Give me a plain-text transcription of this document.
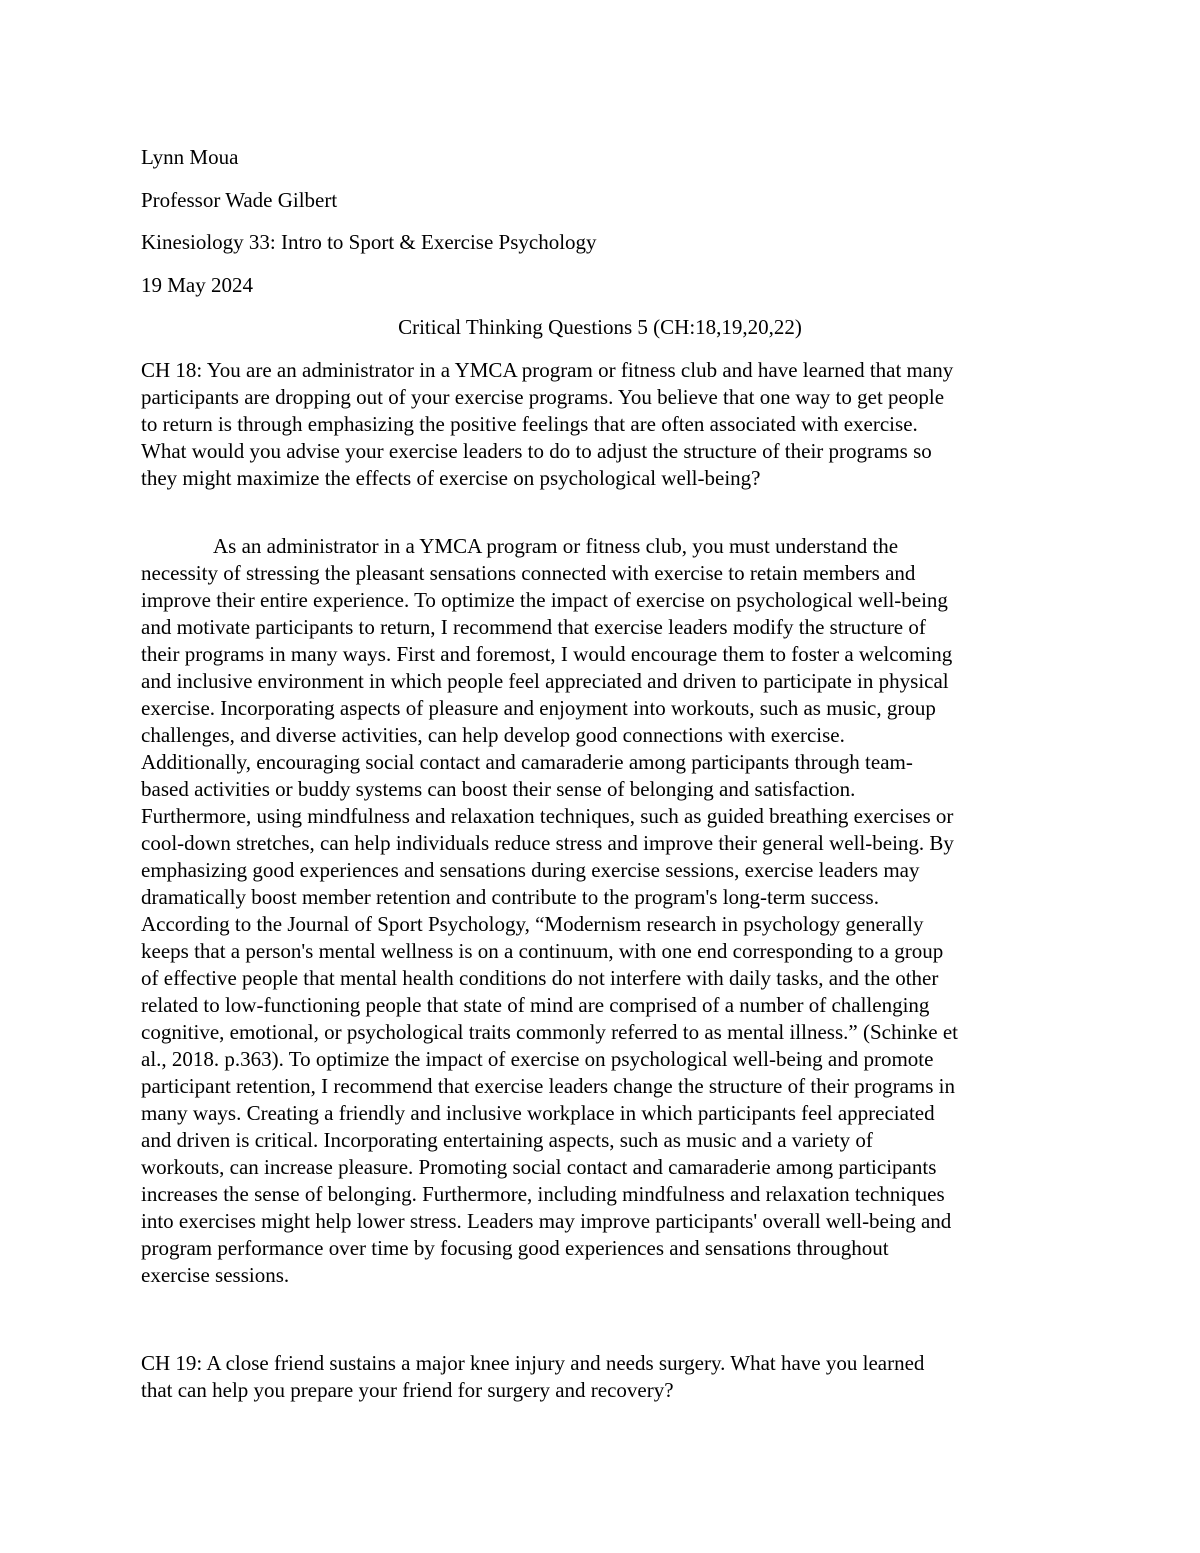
Lynn Moua

Professor Wade Gilbert

Kinesiology 33: Intro to Sport & Exercise Psychology

19 May 2024

Critical Thinking Questions 5 (CH:18,19,20,22)
CH 18: You are an administrator in a YMCA program or fitness club and have learned that many
participants are dropping out of your exercise programs. You believe that one way to get people
to return is through emphasizing the positive feelings that are often associated with exercise.
What would you advise your exercise leaders to do to adjust the structure of their programs so
they might maximize the effects of exercise on psychological well-being?
As an administrator in a YMCA program or fitness club, you must understand the
necessity of stressing the pleasant sensations connected with exercise to retain members and
improve their entire experience. To optimize the impact of exercise on psychological well-being
and motivate participants to return, I recommend that exercise leaders modify the structure of
their programs in many ways. First and foremost, I would encourage them to foster a welcoming
and inclusive environment in which people feel appreciated and driven to participate in physical
exercise. Incorporating aspects of pleasure and enjoyment into workouts, such as music, group
challenges, and diverse activities, can help develop good connections with exercise.
Additionally, encouraging social contact and camaraderie among participants through team-
based activities or buddy systems can boost their sense of belonging and satisfaction.
Furthermore, using mindfulness and relaxation techniques, such as guided breathing exercises or
cool-down stretches, can help individuals reduce stress and improve their general well-being. By
emphasizing good experiences and sensations during exercise sessions, exercise leaders may
dramatically boost member retention and contribute to the program's long-term success.
According to the Journal of Sport Psychology, “Modernism research in psychology generally
keeps that a person's mental wellness is on a continuum, with one end corresponding to a group
of effective people that mental health conditions do not interfere with daily tasks, and the other
related to low-functioning people that state of mind are comprised of a number of challenging
cognitive, emotional, or psychological traits commonly referred to as mental illness.” (Schinke et
al., 2018. p.363). To optimize the impact of exercise on psychological well-being and promote
participant retention, I recommend that exercise leaders change the structure of their programs in
many ways. Creating a friendly and inclusive workplace in which participants feel appreciated
and driven is critical. Incorporating entertaining aspects, such as music and a variety of
workouts, can increase pleasure. Promoting social contact and camaraderie among participants
increases the sense of belonging. Furthermore, including mindfulness and relaxation techniques
into exercises might help lower stress. Leaders may improve participants' overall well-being and
program performance over time by focusing good experiences and sensations throughout
exercise sessions.
CH 19: A close friend sustains a major knee injury and needs surgery. What have you learned
that can help you prepare your friend for surgery and recovery?
